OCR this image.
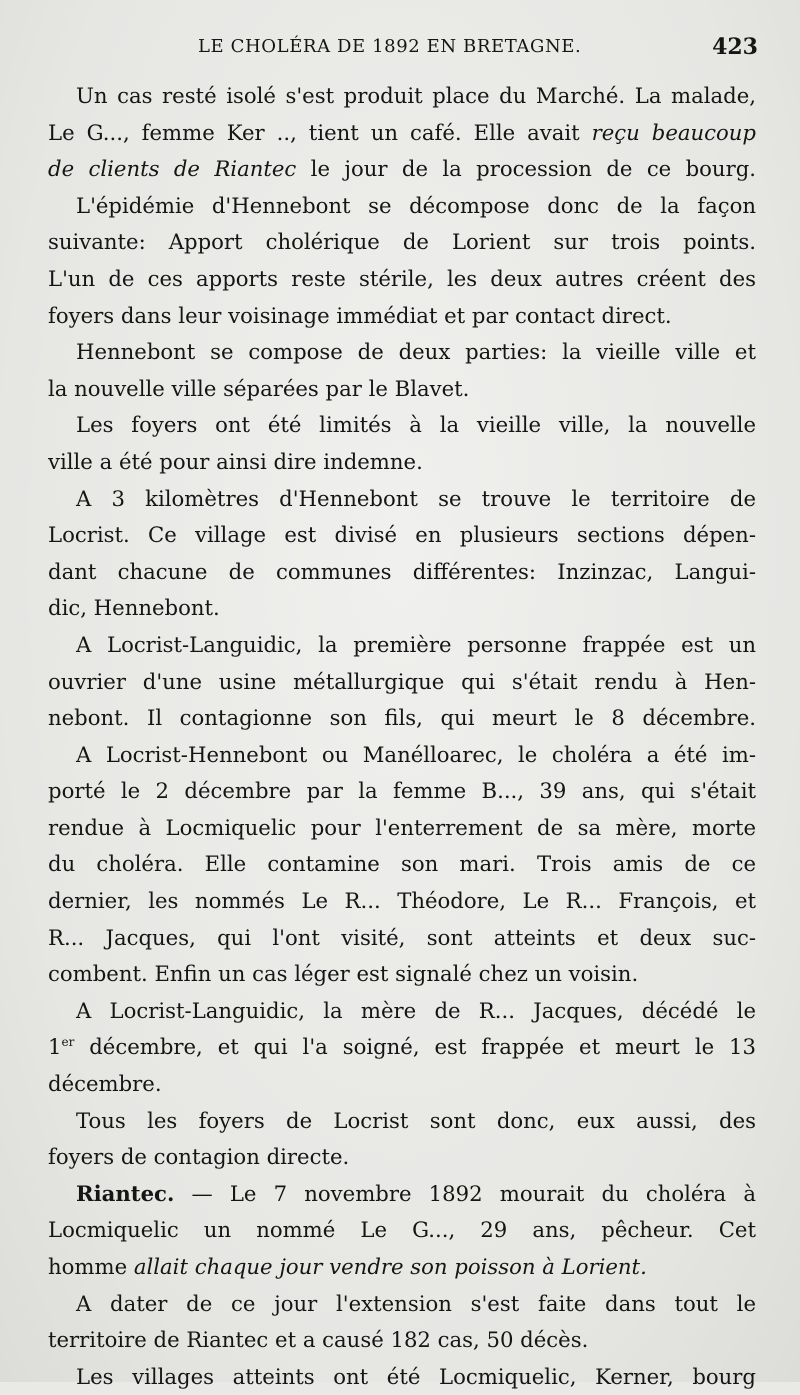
LE CHOLÉRA DE 1892 EN BRETAGNE.	423
Un cas resté isolé s'est produit place du Marché. La malade,
Le G..., femme Ker .., tient un café. Elle avait reçu beaucoup
de clients de Riantec le jour de la procession de ce bourg.
L'épidémie d'Hennebont se décompose donc de la façon
suivante: Apport cholérique de Lorient sur trois points.
L'un de ces apports reste stérile, les deux autres créent des
foyers dans leur voisinage immédiat et par contact direct.
Hennebont se compose de deux parties: la vieille ville et
la nouvelle ville séparées par le Blavet.
Les foyers ont été limités à la vieille ville, la nouvelle
ville a été pour ainsi dire indemne.
A 3 kilomètres d'Hennebont se trouve le territoire de
Locrist. Ce village est divisé en plusieurs sections dépen-
dant chacune de communes différentes: Inzinzac, Langui-
dic, Hennebont.
A Locrist-Languidic, la première personne frappée est un
ouvrier d'une usine métallurgique qui s'était rendu à Hen-
nebont. Il contagionne son fils, qui meurt le 8 décembre.
A Locrist-Hennebont ou Manélloarec, le choléra a été im-
porté le 2 décembre par la femme B..., 39 ans, qui s'était
rendue à Locmiquelic pour l'enterrement de sa mère, morte
du choléra. Elle contamine son mari. Trois amis de ce
dernier, les nommés Le R... Théodore, Le R... François, et
R... Jacques, qui l'ont visité, sont atteints et deux suc-
combent. Enfin un cas léger est signalé chez un voisin.
A Locrist-Languidic, la mère de R... Jacques, décédé le
1er décembre, et qui l'a soigné, est frappée et meurt le 13
décembre.
Tous les foyers de Locrist sont donc, eux aussi, des
foyers de contagion directe.
Riantec. — Le 7 novembre 1892 mourait du choléra à
Locmiquelic un nommé Le G..., 29 ans, pêcheur. Cet
homme allait chaque jour vendre son poisson à Lorient.
A dater de ce jour l'extension s'est faite dans tout le
territoire de Riantec et a causé 182 cas, 50 décès.
Les villages atteints ont été Locmiquelic, Kerner, bourg
